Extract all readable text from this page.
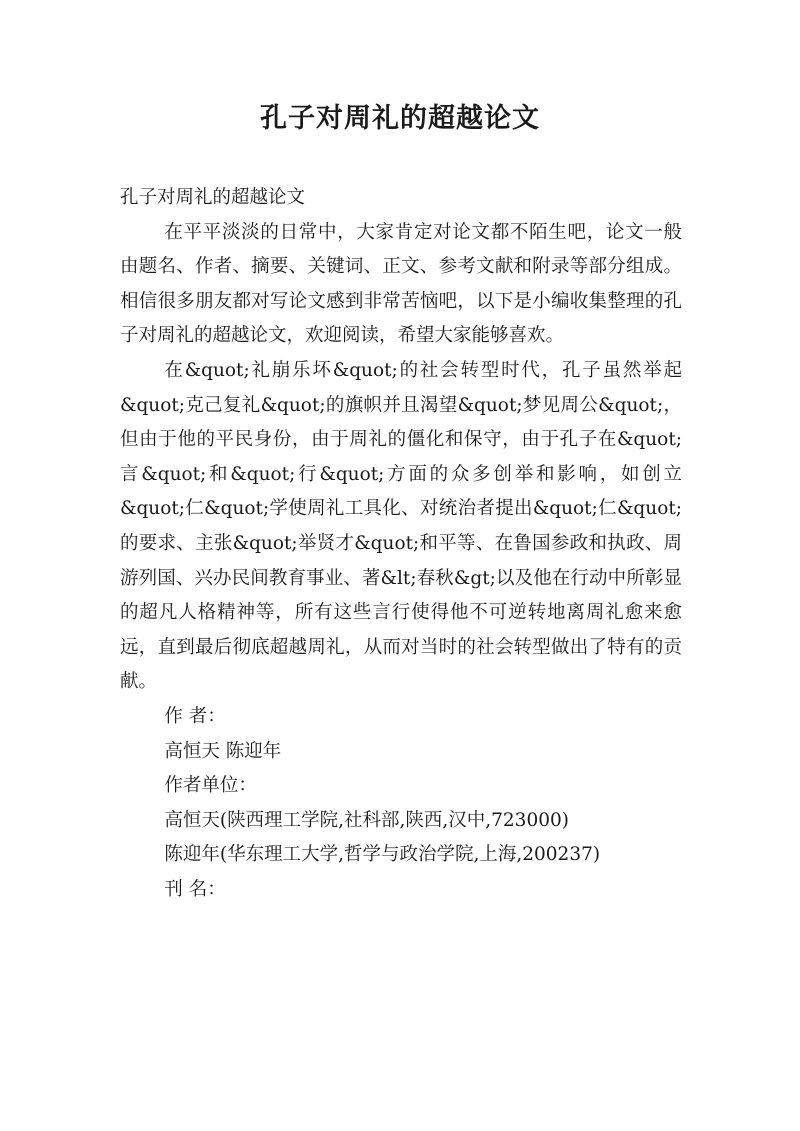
孔子对周礼的超越论文

孔子对周礼的超越论文

在平平淡淡的日常中，大家肯定对论文都不陌生吧，论文一般由题名、作者、摘要、关键词、正文、参考文献和附录等部分组成。相信很多朋友都对写论文感到非常苦恼吧，以下是小编收集整理的孔子对周礼的超越论文，欢迎阅读，希望大家能够喜欢。

在&quot;礼崩乐坏&quot;的社会转型时代，孔子虽然举起&quot;克己复礼&quot;的旗帜并且渴望&quot;梦见周公&quot;，但由于他的平民身份，由于周礼的僵化和保守，由于孔子在&quot;言&quot;和&quot;行&quot;方面的众多创举和影响，如创立&quot;仁&quot;学使周礼工具化、对统治者提出&quot;仁&quot;的要求、主张&quot;举贤才&quot;和平等、在鲁国参政和执政、周游列国、兴办民间教育事业、著&lt;春秋&gt;以及他在行动中所彰显的超凡人格精神等，所有这些言行使得他不可逆转地离周礼愈来愈远，直到最后彻底超越周礼，从而对当时的社会转型做出了特有的贡献。

作 者：

高恒天 陈迎年

作者单位：

高恒天(陕西理工学院,社科部,陕西,汉中,723000)

陈迎年(华东理工大学,哲学与政治学院,上海,200237)

刊 名：
